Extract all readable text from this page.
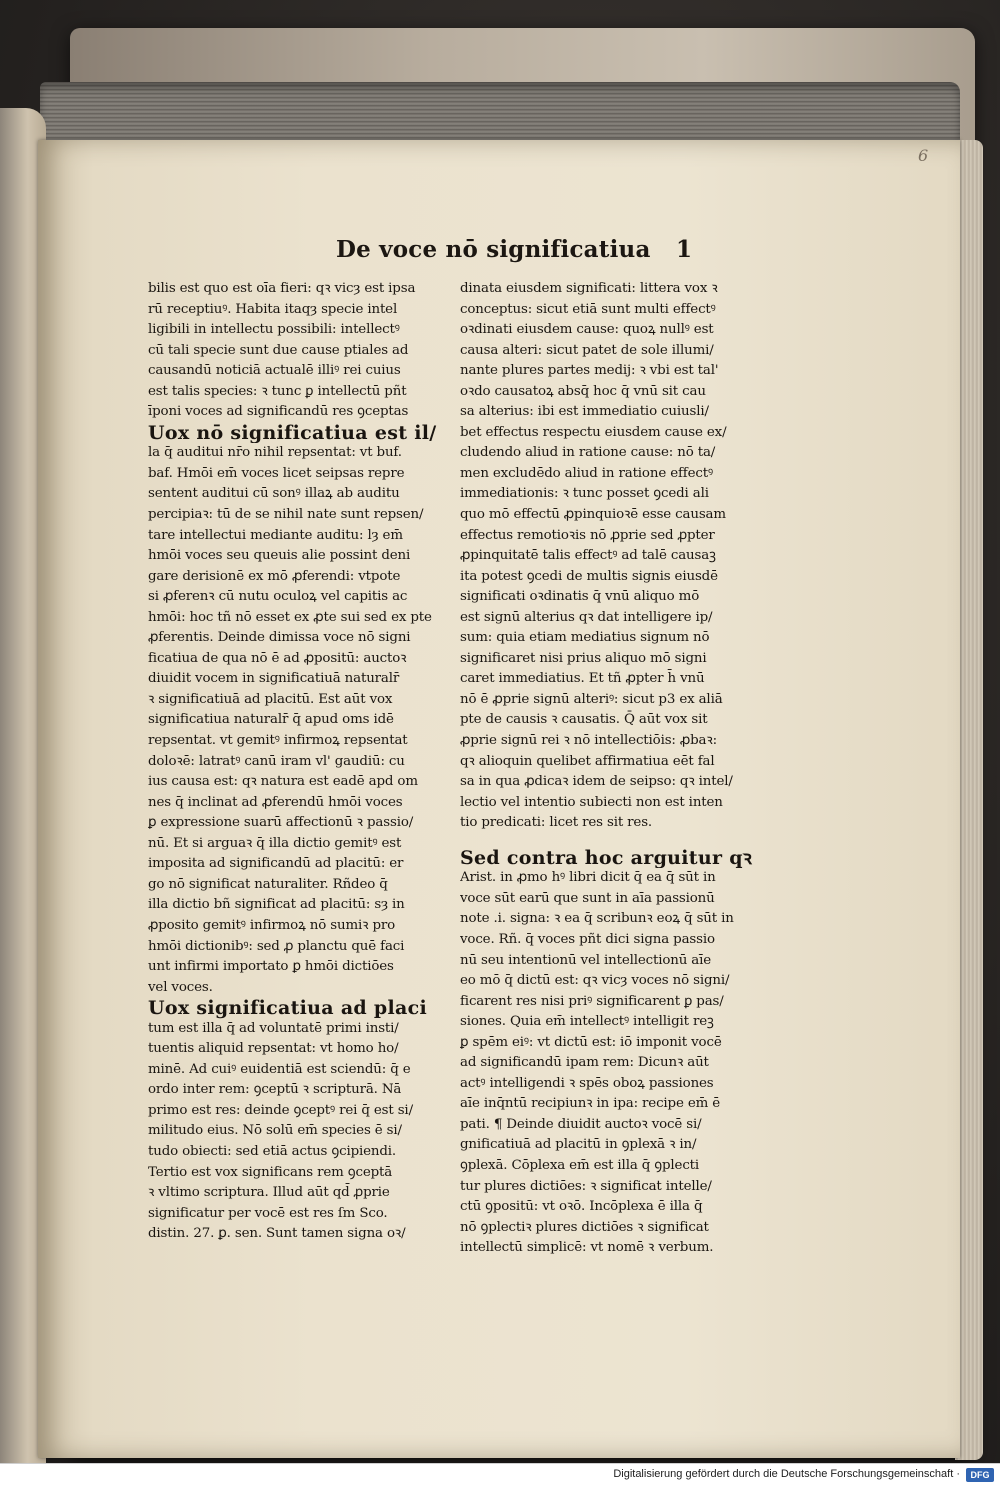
6
De voce nō significatiua 1
bilis est quo est oīa fieri: qꝛ vicȝ est ipsa
rū receptiuꝰ. Habita itaqȝ specie intel
ligibili in intellectu possibili: intellectꝰ
cū tali specie sunt due cause ptiales ad
causandū noticiā actualē illiꝰ rei cuius
est talis species: ꝛ tunc ꝑ intellectū pñt
īponi voces ad significandū res ꝯceptas
Uox nō significatiua est il/
la q̄ auditui nr̄o nihil repsentat: vt buf.
baf. Hmōi em̄ voces licet seipsas repre
sentent auditui cū sonꝰ illaꝝ ab auditu
percipiaꝛ: tū de se nihil nate sunt repsen/
tare intellectui mediante auditu: lȝ em̄
hmōi voces seu queuis alie possint deni
gare derisionē ex mō ꝓferendi: vtpote
si ꝓferenꝛ cū nutu oculoꝝ vel capitis ac
hmōi: hoc tñ nō esset ex ꝓte sui sed ex pte
ꝓferentis. Deinde dimissa voce nō signi
ficatiua de qua nō ē ad ꝓpositū: auctoꝛ
diuidit vocem in significatiuā naturalr̄
ꝛ significatiuā ad placitū. Est aūt vox
significatiua naturalr̄ q̄ apud oms idē
repsentat. vt gemitꝰ infirmoꝝ repsentat
doloꝛē: latratꝰ canū iram vl' gaudiū: cu
ius causa est: qꝛ natura est eadē apd om
nes q̄ inclinat ad ꝓferendū hmōi voces
ꝑ expressione suarū affectionū ꝛ passio/
nū. Et si arguaꝛ q̄ illa dictio gemitꝰ est
imposita ad significandū ad placitū: er
go nō significat naturaliter. Rñdeo q̄
illa dictio bñ significat ad placitū: sȝ in
ꝓposito gemitꝰ infirmoꝝ nō sumiꝛ pro
hmōi dictionibꝰ: sed ꝓ planctu quē faci
unt infirmi importato ꝑ hmōi dictiōes
vel voces.
Uox significatiua ad placi
tum est illa q̄ ad voluntatē primi insti/
tuentis aliquid repsentat: vt homo ho/
minē. Ad cuiꝰ euidentiā est sciendū: q̄ e
ordo inter rem: ꝯceptū ꝛ scripturā. Nā
primo est res: deinde ꝯceptꝰ rei q̄ est si/
militudo eius. Nō solū em̄ species ē si/
tudo obiecti: sed etiā actus ꝯcipiendi.
Tertio est vox significans rem ꝯceptā
ꝛ vltimo scriptura. Illud aūt qd̄ ꝓprie
significatur per vocē est res ſm Sco.
distin. 27. ꝑ. sen. Sunt tamen signa oꝛ/
dinata eiusdem significati: littera vox ꝛ
conceptus: sicut etiā sunt multi effectꝰ
oꝛdinati eiusdem cause: quoꝝ nullꝰ est
causa alteri: sicut patet de sole illumi/
nante plures partes medij: ꝛ vbi est tal'
oꝛdo causatoꝝ absq̄ hoc q̄ vnū sit cau
sa alterius: ibi est immediatio cuiusli/
bet effectus respectu eiusdem cause ex/
cludendo aliud in ratione cause: nō ta/
men excludēdo aliud in ratione effectꝰ
immediationis: ꝛ tunc posset ꝯcedi ali
quo mō effectū ꝓpinquioꝛē esse causam
effectus remotioꝛis nō ꝓprie sed ꝓpter
ꝓpinquitatē talis effectꝰ ad talē causaꝫ
ita potest ꝯcedi de multis signis eiusdē
significati oꝛdinatis q̄ vnū aliquo mō
est signū alterius qꝛ dat intelligere ip/
sum: quia etiam mediatius signum nō
significaret nisi prius aliquo mō signi
caret immediatius. Et tñ ꝓpter h̄ vnū
nō ē ꝓprie signū alteriꝰ: sicut p3 ex aliā
pte de causis ꝛ causatis. Q̄ aūt vox sit
ꝓprie signū rei ꝛ nō intellectiōis: ꝓbaꝛ:
qꝛ alioquin quelibet affirmatiua eēt fal
sa in qua ꝓdicaꝛ idem de seipso: qꝛ intel/
lectio vel intentio subiecti non est inten
tio predicati: licet res sit res.
Sed contra hoc arguitur qꝛ
Arist. in ꝓmo hꝰ libri dicit q̄ ea q̄ sūt in
voce sūt earū que sunt in aīa passionū
note .i. signa: ꝛ ea q̄ scribunꝛ eoꝝ q̄ sūt in
voce. Rñ. q̄ voces pñt dici signa passio
nū seu intentionū vel intellectionū aīe
eo mō q̄ dictū est: qꝛ vicȝ voces nō signi/
ficarent res nisi priꝰ significarent ꝑ pas/
siones. Quia em̄ intellectꝰ intelligit reꝫ
ꝑ spēm eiꝰ: vt dictū est: iō imponit vocē
ad significandū ipam rem: Dicunꝛ aūt
actꝰ intelligendi ꝛ spēs oboꝝ passiones
aīe inq̄ntū recipiunꝛ in ipa: recipe em̄ ē
pati. ¶ Deinde diuidit auctoꝛ vocē si/
gnificatiuā ad placitū in ꝯplexā ꝛ in/
ꝯplexā. Cōplexa em̄ est illa q̄ ꝯplecti
tur plures dictiōes: ꝛ significat intelle/
ctū ꝯpositū: vt oꝛō. Incōplexa ē illa q̄
nō ꝯplectiꝛ plures dictiōes ꝛ significat
intellectū simplicē: vt nomē ꝛ verbum.
Digitalisierung gefördert durch die Deutsche Forschungsgemeinschaft ·	DFG
